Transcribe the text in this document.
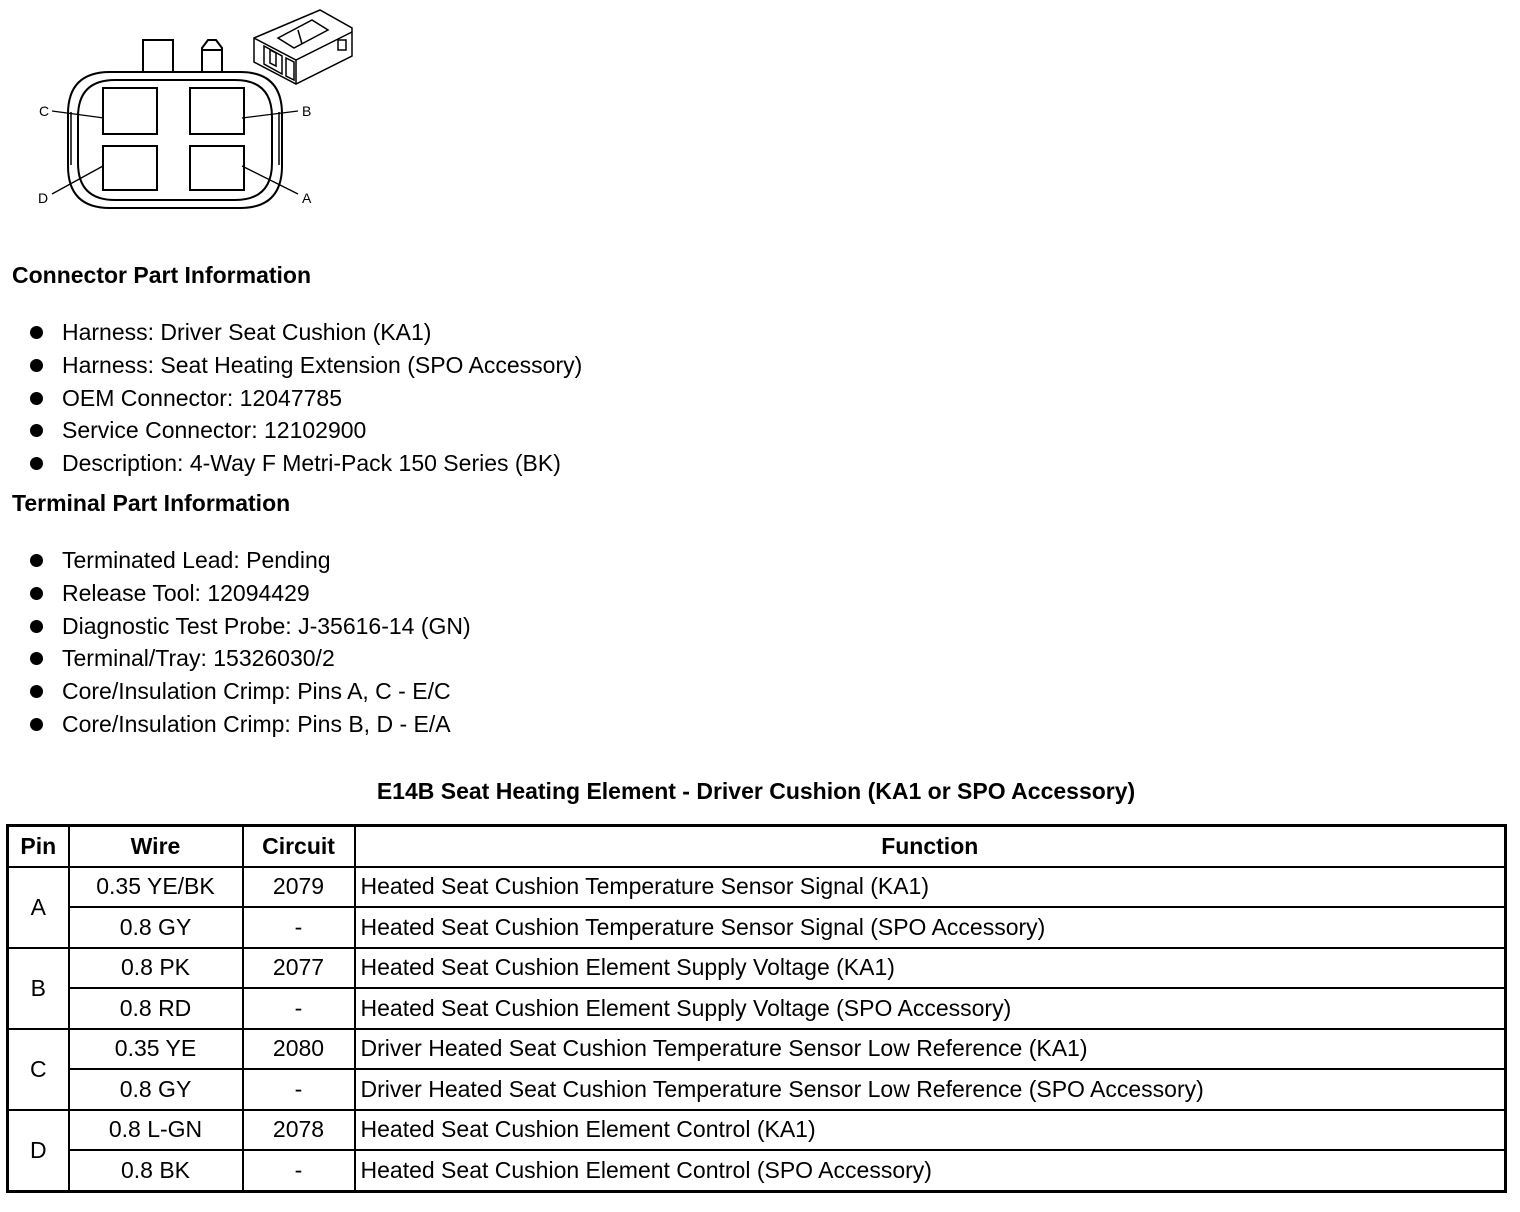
C	B
D	A
Connector Part Information
Harness: Driver Seat Cushion (KA1)
Harness: Seat Heating Extension (SPO Accessory)
OEM Connector: 12047785
Service Connector: 12102900
Description: 4-Way F Metri-Pack 150 Series (BK)
Terminal Part Information
Terminated Lead: Pending
Release Tool: 12094429
Diagnostic Test Probe: J-35616-14 (GN)
Terminal/Tray: 15326030/2
Core/Insulation Crimp: Pins A, C - E/C
Core/Insulation Crimp: Pins B, D - E/A
E14B Seat Heating Element - Driver Cushion (KA1 or SPO Accessory)
Pin	Wire	Circuit	Function
A	0.35 YE/BK	2079	Heated Seat Cushion Temperature Sensor Signal (KA1)
	0.8 GY	-	Heated Seat Cushion Temperature Sensor Signal (SPO Accessory)
B	0.8 PK	2077	Heated Seat Cushion Element Supply Voltage (KA1)
	0.8 RD	-	Heated Seat Cushion Element Supply Voltage (SPO Accessory)
C	0.35 YE	2080	Driver Heated Seat Cushion Temperature Sensor Low Reference (KA1)
	0.8 GY	-	Driver Heated Seat Cushion Temperature Sensor Low Reference (SPO Accessory)
D	0.8 L-GN	2078	Heated Seat Cushion Element Control (KA1)
	0.8 BK	-	Heated Seat Cushion Element Control (SPO Accessory)
